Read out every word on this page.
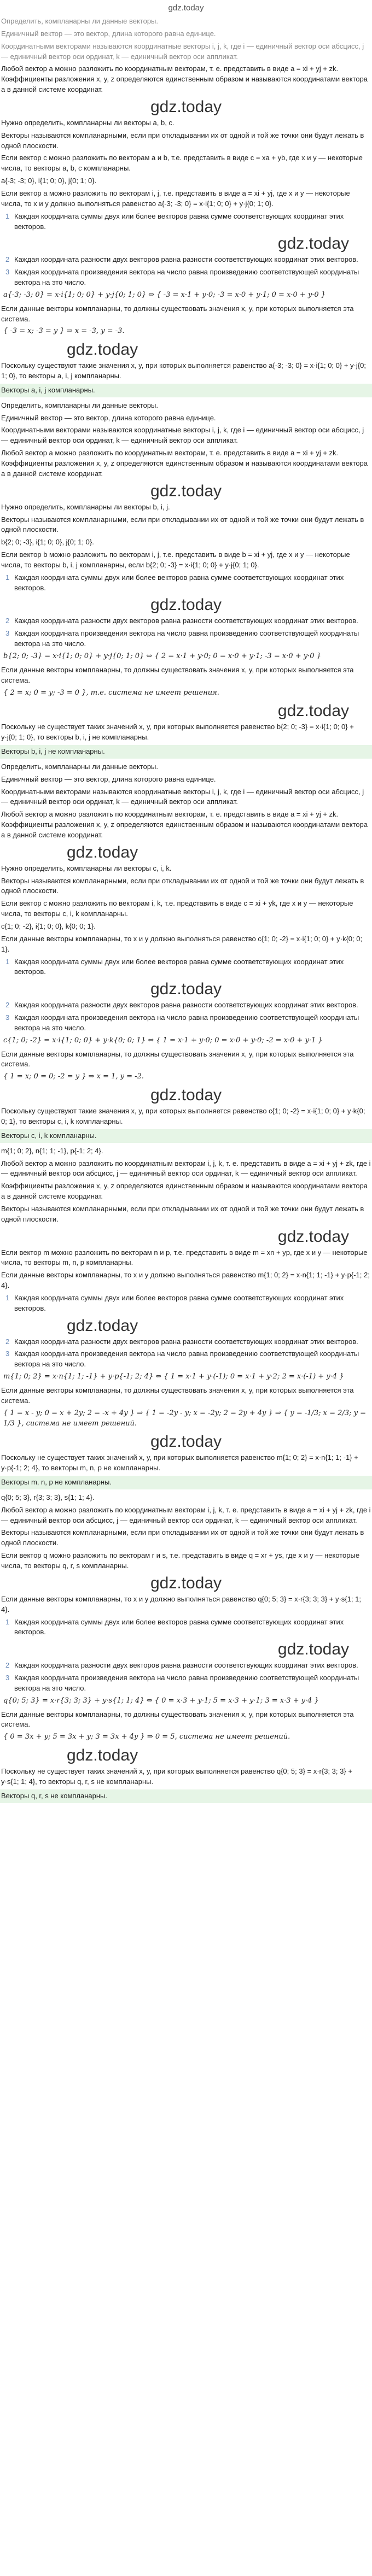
gdz.today
Определить, компланарны ли данные векторы.
Единичный вектор — это вектор, длина которого равна единице.
Координатными векторами называются координатные векторы i, j, k, где i — единичный вектор оси абсцисс, j — единичный вектор оси ординат, k — единичный вектор оси аппликат.
Любой вектор a можно разложить по координатным векторам, т. е. представить в виде a = xi + yj + zk. Коэффициенты разложения x, y, z определяются единственным образом и называются координатами вектора a в данной системе координат.
gdz.today
Нужно определить, компланарны ли векторы a, b, c.
Векторы называются компланарными, если при откладывании их от одной и той же точки они будут лежать в одной плоскости.
Если вектор c можно разложить по векторам a и b, т.е. представить в виде c = xa + yb, где x и y — некоторые числа, то векторы a, b, c компланарны.
a{-3; -3; 0}, i{1; 0; 0}, j{0; 1; 0}.
Если вектор a можно разложить по векторам i, j, т.е. представить в виде a = xi + yj, где x и y — некоторые числа, то x и y должно выполняться равенство a{-3; -3; 0} = x·i{1; 0; 0} + y·j{0; 1; 0}.
1 Каждая координата суммы двух или более векторов равна сумме соответствующих координат этих векторов.
gdz.today
2 Каждая координата разности двух векторов равна разности соответствующих координат этих векторов.
3 Каждая координата произведения вектора на число равна произведению соответствующей координаты вектора на это число.
a{-3; -3; 0} = x·i{1; 0; 0} + y·j{0; 1; 0} ⇔ { -3 = x·1 + y·0; -3 = x·0 + y·1; 0 = x·0 + y·0 }
Если данные векторы компланарны, то должны существовать значения x, y, при которых выполняется эта система.
{ -3 = x; -3 = y } ⇒ x = -3, y = -3.
gdz.today
Поскольку существуют такие значения x, y, при которых выполняется равенство a{-3; -3; 0} = x·i{1; 0; 0} + y·j{0; 1; 0}, то векторы a, i, j компланарны.
Векторы a, i, j компланарны.
Определить, компланарны ли данные векторы.
Единичный вектор — это вектор, длина которого равна единице.
Координатными векторами называются координатные векторы i, j, k, где i — единичный вектор оси абсцисс, j — единичный вектор оси ординат, k — единичный вектор оси аппликат.
Любой вектор a можно разложить по координатным векторам, т. е. представить в виде a = xi + yj + zk. Коэффициенты разложения x, y, z определяются единственным образом и называются координатами вектора a в данной системе координат.
gdz.today
Нужно определить, компланарны ли векторы b, i, j.
Векторы называются компланарными, если при откладывании их от одной и той же точки они будут лежать в одной плоскости.
b{2; 0; -3}, i{1; 0; 0}, j{0; 1; 0}.
Если вектор b можно разложить по векторам i, j, т.е. представить в виде b = xi + yj, где x и y — некоторые числа, то векторы b, i, j компланарны, если b{2; 0; -3} = x·i{1; 0; 0} + y·j{0; 1; 0}.
1 Каждая координата суммы двух или более векторов равна сумме соответствующих координат этих векторов.
gdz.today
2 Каждая координата разности двух векторов равна разности соответствующих координат этих векторов.
3 Каждая координата произведения вектора на число равна произведению соответствующей координаты вектора на это число.
b{2; 0; -3} = x·i{1; 0; 0} + y·j{0; 1; 0} ⇔ { 2 = x·1 + y·0; 0 = x·0 + y·1; -3 = x·0 + y·0 }
Если данные векторы компланарны, то должны существовать значения x, y, при которых выполняется эта система.
{ 2 = x; 0 = y; -3 = 0 }, т.е. система не имеет решения.
gdz.today
Поскольку не существует таких значений x, y, при которых выполняется равенство b{2; 0; -3} = x·i{1; 0; 0} + y·j{0; 1; 0}, то векторы b, i, j не компланарны.
Векторы b, i, j не компланарны.
Определить, компланарны ли данные векторы.
Единичный вектор — это вектор, длина которого равна единице.
Координатными векторами называются координатные векторы i, j, k, где i — единичный вектор оси абсцисс, j — единичный вектор оси ординат, k — единичный вектор оси аппликат.
Любой вектор a можно разложить по координатным векторам, т. е. представить в виде a = xi + yj + zk. Коэффициенты разложения x, y, z определяются единственным образом и называются координатами вектора a в данной системе координат.
gdz.today
Нужно определить, компланарны ли векторы c, i, k.
Векторы называются компланарными, если при откладывании их от одной и той же точки они будут лежать в одной плоскости.
Если вектор c можно разложить по векторам i, k, т.е. представить в виде c = xi + yk, где x и y — некоторые числа, то векторы c, i, k компланарны.
c{1; 0; -2}, i{1; 0; 0}, k{0; 0; 1}.
Если данные векторы компланарны, то x и y должно выполняться равенство c{1; 0; -2} = x·i{1; 0; 0} + y·k{0; 0; 1}.
1 Каждая координата суммы двух или более векторов равна сумме соответствующих координат этих векторов.
gdz.today
2 Каждая координата разности двух векторов равна разности соответствующих координат этих векторов.
3 Каждая координата произведения вектора на число равна произведению соответствующей координаты вектора на это число.
c{1; 0; -2} = x·i{1; 0; 0} + y·k{0; 0; 1} ⇔ { 1 = x·1 + y·0; 0 = x·0 + y·0; -2 = x·0 + y·1 }
Если данные векторы компланарны, то должны существовать значения x, y, при которых выполняется эта система.
{ 1 = x; 0 = 0; -2 = y } ⇒ x = 1, y = -2.
gdz.today
Поскольку существуют такие значения x, y, при которых выполняется равенство c{1; 0; -2} = x·i{1; 0; 0} + y·k{0; 0; 1}, то векторы c, i, k компланарны.
Векторы c, i, k компланарны.
m{1; 0; 2}, n{1; 1; -1}, p{-1; 2; 4}.
Любой вектор a можно разложить по координатным векторам i, j, k, т. е. представить в виде a = xi + yj + zk, где i — единичный вектор оси абсцисс, j — единичный вектор оси ординат, k — единичный вектор оси аппликат.
Коэффициенты разложения x, y, z определяются единственным образом и называются координатами вектора a в данной системе координат.
Векторы называются компланарными, если при откладывании их от одной и той же точки они будут лежать в одной плоскости.
gdz.today
Если вектор m можно разложить по векторам n и p, т.е. представить в виде m = xn + yp, где x и y — некоторые числа, то векторы m, n, p компланарны.
Если данные векторы компланарны, то x и y должно выполняться равенство m{1; 0; 2} = x·n{1; 1; -1} + y·p{-1; 2; 4}.
1 Каждая координата суммы двух или более векторов равна сумме соответствующих координат этих векторов.
gdz.today
2 Каждая координата разности двух векторов равна разности соответствующих координат этих векторов.
3 Каждая координата произведения вектора на число равна произведению соответствующей координаты вектора на это число.
m{1; 0; 2} = x·n{1; 1; -1} + y·p{-1; 2; 4} ⇔ { 1 = x·1 + y·(-1); 0 = x·1 + y·2; 2 = x·(-1) + y·4 }
Если данные векторы компланарны, то должны существовать значения x, y, при которых выполняется эта система.
{ 1 = x - y; 0 = x + 2y; 2 = -x + 4y } ⇒ { 1 = -2y - y; x = -2y; 2 = 2y + 4y } ⇒ { y = -1/3; x = 2/3; y = 1/3 }, система не имеет решений.
gdz.today
Поскольку не существует таких значений x, y, при которых выполняется равенство m{1; 0; 2} = x·n{1; 1; -1} + y·p{-1; 2; 4}, то векторы m, n, p не компланарны.
Векторы m, n, p не компланарны.
q{0; 5; 3}, r{3; 3; 3}, s{1; 1; 4}.
Любой вектор a можно разложить по координатным векторам i, j, k, т. е. представить в виде a = xi + yj + zk, где i — единичный вектор оси абсцисс, j — единичный вектор оси ординат, k — единичный вектор оси аппликат.
Векторы называются компланарными, если при откладывании их от одной и той же точки они будут лежать в одной плоскости.
Если вектор q можно разложить по векторам r и s, т.е. представить в виде q = xr + ys, где x и y — некоторые числа, то векторы q, r, s компланарны.
gdz.today
Если данные векторы компланарны, то x и y должно выполняться равенство q{0; 5; 3} = x·r{3; 3; 3} + y·s{1; 1; 4}.
1 Каждая координата суммы двух или более векторов равна сумме соответствующих координат этих векторов.
gdz.today
2 Каждая координата разности двух векторов равна разности соответствующих координат этих векторов.
3 Каждая координата произведения вектора на число равна произведению соответствующей координаты вектора на это число.
q{0; 5; 3} = x·r{3; 3; 3} + y·s{1; 1; 4} ⇔ { 0 = x·3 + y·1; 5 = x·3 + y·1; 3 = x·3 + y·4 }
Если данные векторы компланарны, то должны существовать значения x, y, при которых выполняется эта система.
{ 0 = 3x + y; 5 = 3x + y; 3 = 3x + 4y } ⇒ 0 = 5, система не имеет решений.
gdz.today
Поскольку не существует таких значений x, y, при которых выполняется равенство q{0; 5; 3} = x·r{3; 3; 3} + y·s{1; 1; 4}, то векторы q, r, s не компланарны.
Векторы q, r, s не компланарны.
